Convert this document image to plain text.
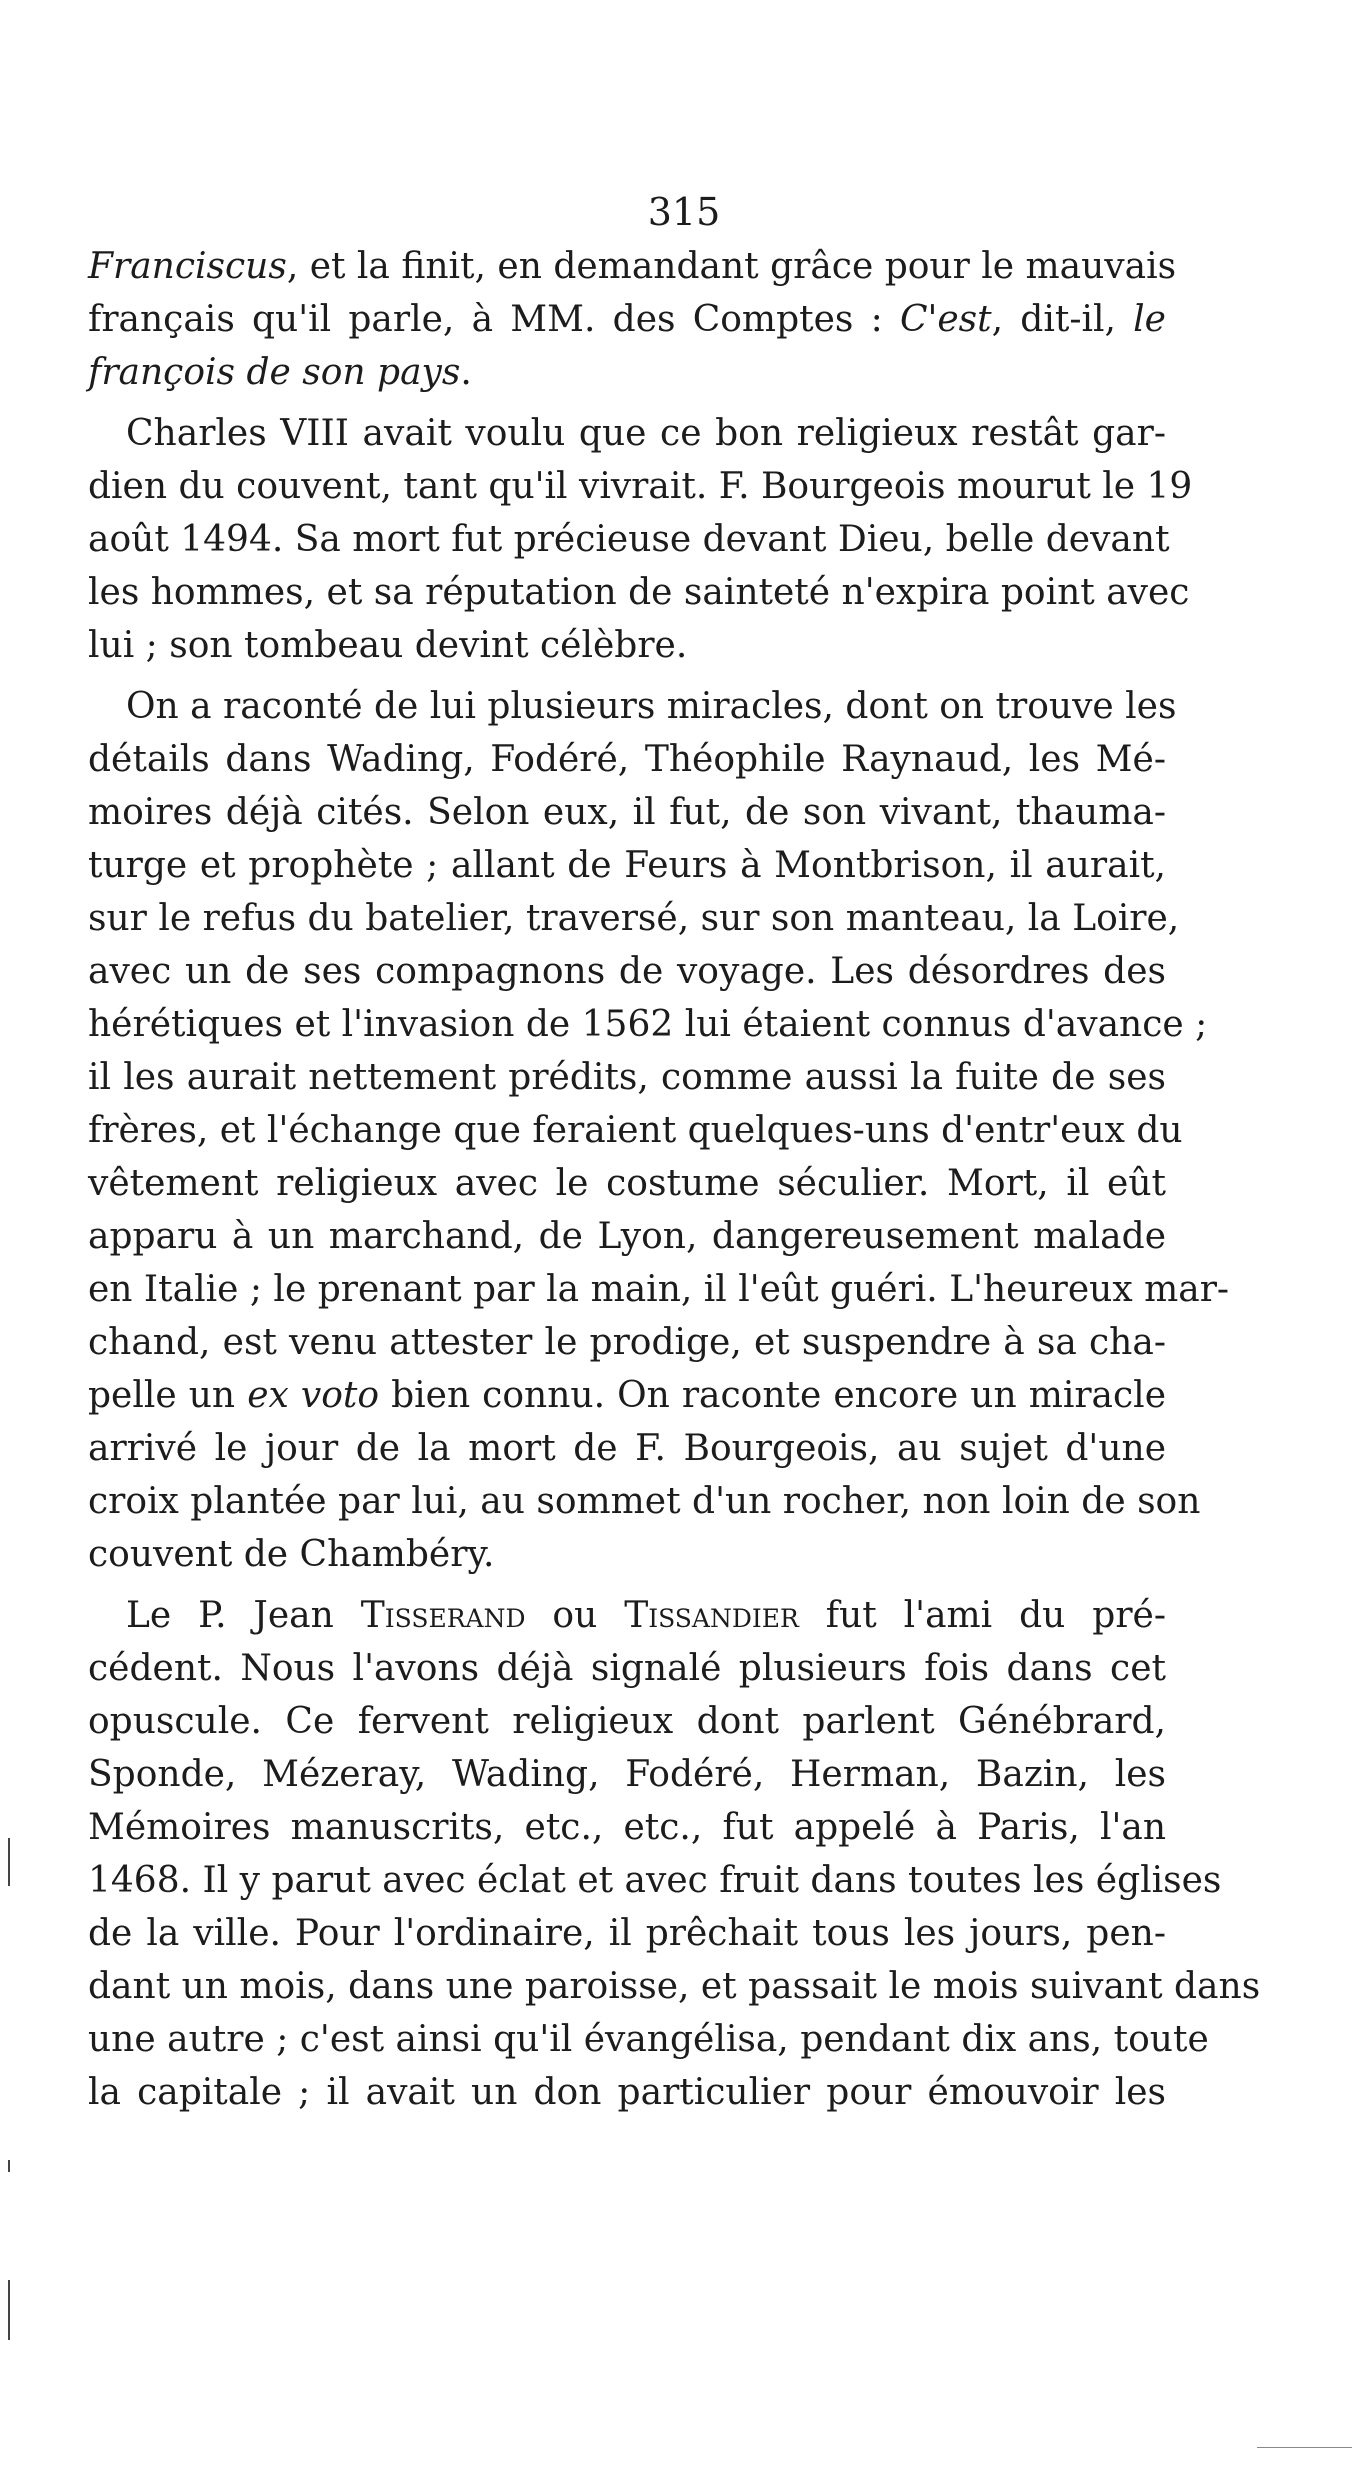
315
Franciscus, et la finit, en demandant grâce pour le mauvais
français qu'il parle, à MM. des Comptes : C'est, dit-il, le
françois de son pays.
Charles VIII avait voulu que ce bon religieux restât gar-
dien du couvent, tant qu'il vivrait. F. Bourgeois mourut le 19
août 1494. Sa mort fut précieuse devant Dieu, belle devant
les hommes, et sa réputation de sainteté n'expira point avec
lui ; son tombeau devint célèbre.
On a raconté de lui plusieurs miracles, dont on trouve les
détails dans Wading, Fodéré, Théophile Raynaud, les Mé-
moires déjà cités. Selon eux, il fut, de son vivant, thauma-
turge et prophète ; allant de Feurs à Montbrison, il aurait,
sur le refus du batelier, traversé, sur son manteau, la Loire,
avec un de ses compagnons de voyage. Les désordres des
hérétiques et l'invasion de 1562 lui étaient connus d'avance ;
il les aurait nettement prédits, comme aussi la fuite de ses
frères, et l'échange que feraient quelques-uns d'entr'eux du
vêtement religieux avec le costume séculier. Mort, il eût
apparu à un marchand, de Lyon, dangereusement malade
en Italie ; le prenant par la main, il l'eût guéri. L'heureux mar-
chand, est venu attester le prodige, et suspendre à sa cha-
pelle un ex voto bien connu. On raconte encore un miracle
arrivé le jour de la mort de F. Bourgeois, au sujet d'une
croix plantée par lui, au sommet d'un rocher, non loin de son
couvent de Chambéry.
Le P. Jean Tisserand ou Tissandier fut l'ami du pré-
cédent. Nous l'avons déjà signalé plusieurs fois dans cet
opuscule. Ce fervent religieux dont parlent Génébrard,
Sponde, Mézeray, Wading, Fodéré, Herman, Bazin, les
Mémoires manuscrits, etc., etc., fut appelé à Paris, l'an
1468. Il y parut avec éclat et avec fruit dans toutes les églises
de la ville. Pour l'ordinaire, il prêchait tous les jours, pen-
dant un mois, dans une paroisse, et passait le mois suivant dans
une autre ; c'est ainsi qu'il évangélisa, pendant dix ans, toute
la capitale ; il avait un don particulier pour émouvoir les
